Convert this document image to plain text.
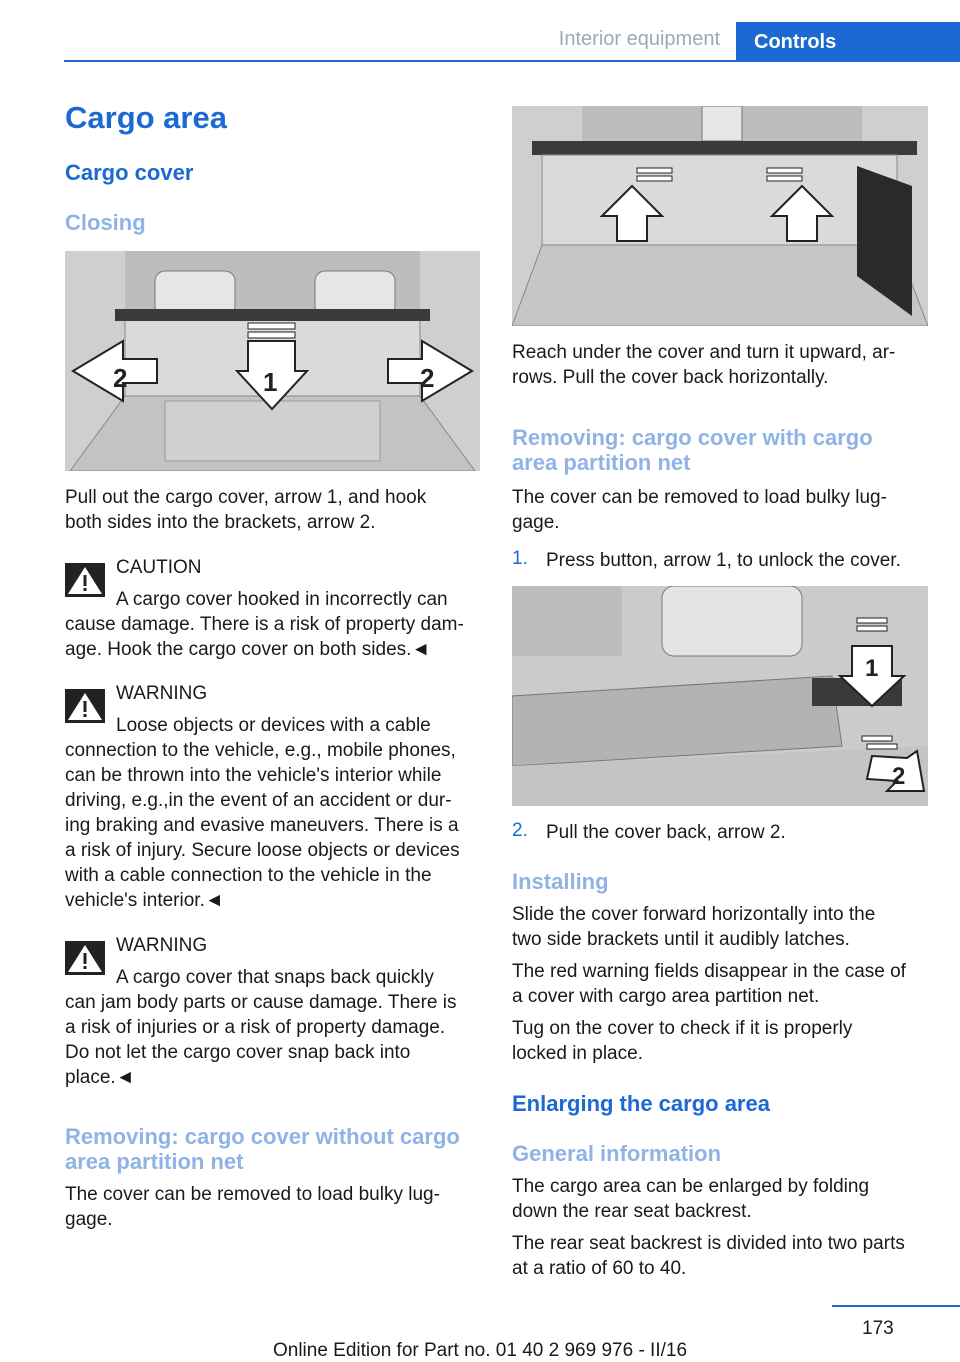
Interior equipment	Controls
Cargo area
Cargo cover
Closing
2	2
1

Pull out the cargo cover, arrow 1, and hook

both sides into the brackets, arrow 2.

CAUTION
A cargo cover hooked in incorrectly can
cause damage. There is a risk of property dam‐
age. Hook the cargo cover on both sides.◄
WARNING
Loose objects or devices with a cable
connection to the vehicle, e.g., mobile phones,
can be thrown into the vehicle's interior while
driving, e.g.,in the event of an accident or dur‐
ing braking and evasive maneuvers. There is a
a risk of injury. Secure loose objects or devices
with a cable connection to the vehicle in the
vehicle's interior.◄
WARNING
A cargo cover that snaps back quickly
can jam body parts or cause damage. There is
a risk of injuries or a risk of property damage.
Do not let the cargo cover snap back into
place.◄
Removing: cargo cover without cargo
area partition net

The cover can be removed to load bulky lug‐

gage.

Reach under the cover and turn it upward, ar‐

rows. Pull the cover back horizontally.

Removing: cargo cover with cargo
area partition net

The cover can be removed to load bulky lug‐

gage.

1. Press button, arrow 1, to unlock the cover.
1
2
2. Pull the cover back, arrow 2.
Installing

Slide the cover forward horizontally into the

two side brackets until it audibly latches.

The red warning fields disappear in the case of

a cover with cargo area partition net.

Tug on the cover to check if it is properly

locked in place.

Enlarging the cargo area
General information

The cargo area can be enlarged by folding

down the rear seat backrest.

The rear seat backrest is divided into two parts

at a ratio of 60 to 40.

173
Online Edition for Part no. 01 40 2 969 976 - II/16
